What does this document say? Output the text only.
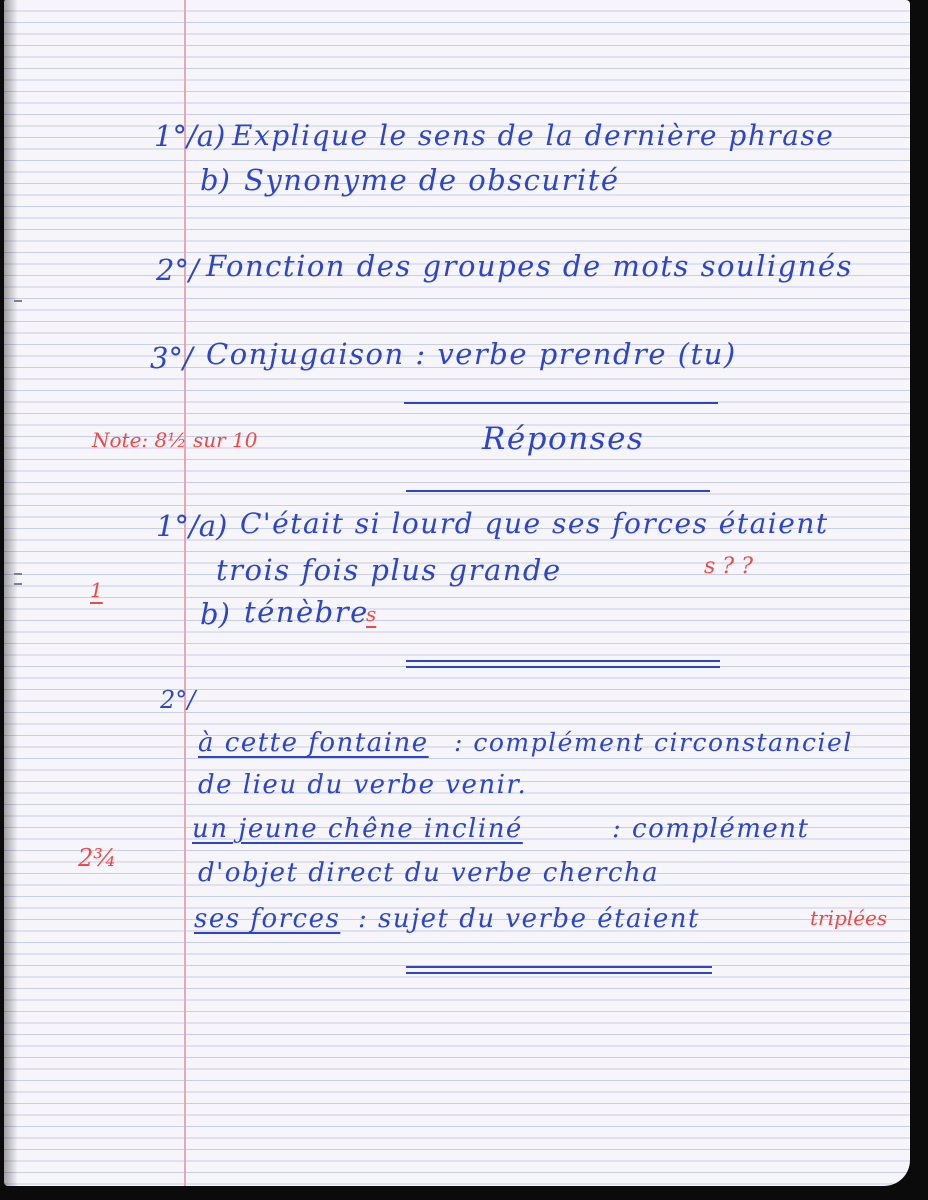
1°/a) Explique le sens de la dernière phrase
b) Synonyme de obscurité
2°/ Fonction des groupes de mots soulignés
3°/ Conjugaison : verbe prendre (tu)
Note: 8½ sur 10	Réponses
1°/a) C'était si lourd que ses forces étaient
trois fois plus grande	s ? ?
1
b) ténèbre
s
2°/
à cette fontaine : complément circonstanciel
de lieu du verbe venir.
un jeune chêne incliné	: complément
2¾	d'objet direct du verbe chercha
ses forces : sujet du verbe étaient	triplées
